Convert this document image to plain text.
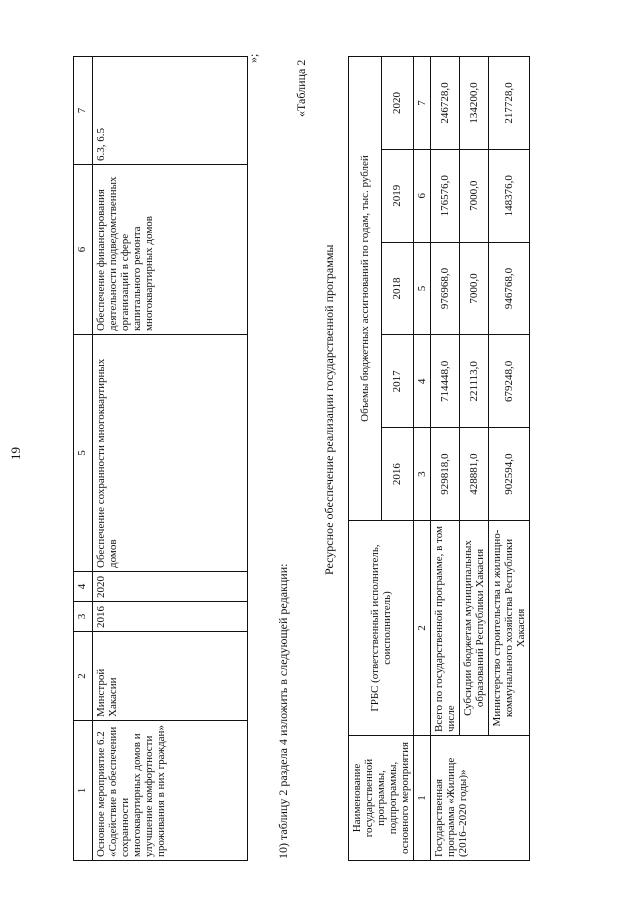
19
1	2	3	4	5	6	7
Основное мероприятие 6.2 «Содействие в обеспечении сохранности многоквартирных домов и улучшение комфортности проживания в них граждан»	Минстрой Хакасии	2016	2020	Обеспечение сохранности многоквартирных домов	Обеспечение финансирования деятельности подведомственных организаций в сфере капитального ремонта многоквартирных домов	6.3, 6.5
»;
10) таблицу 2 раздела 4 изложить в следующей редакции:
«Таблица 2
Ресурсное обеспечение реализации государственной программы
Наименование государственной программы, подпрограммы, основного мероприятия	ГРБС (ответственный исполнитель, соисполнитель)	Объемы бюджетных ассигнований по годам, тыс. рублей				
		2016	2017	2018	2019	2020
1	2	3	4	5	6	7
Государственная программа «Жилище (2016–2020 годы)»	Всего по государственной программе, в том числе	929818,0	714448,0	976968,0	176576,0	246728,0
	Субсидии бюджетам муниципальных образований Республики Хакасия	428881,0	221113,0	7000,0	7000,0	134200,0
	Министерство строительства и жилищно-коммунального хозяйства Республики Хакасия	902594,0	679248,0	946768,0	148376,0	217728,0
